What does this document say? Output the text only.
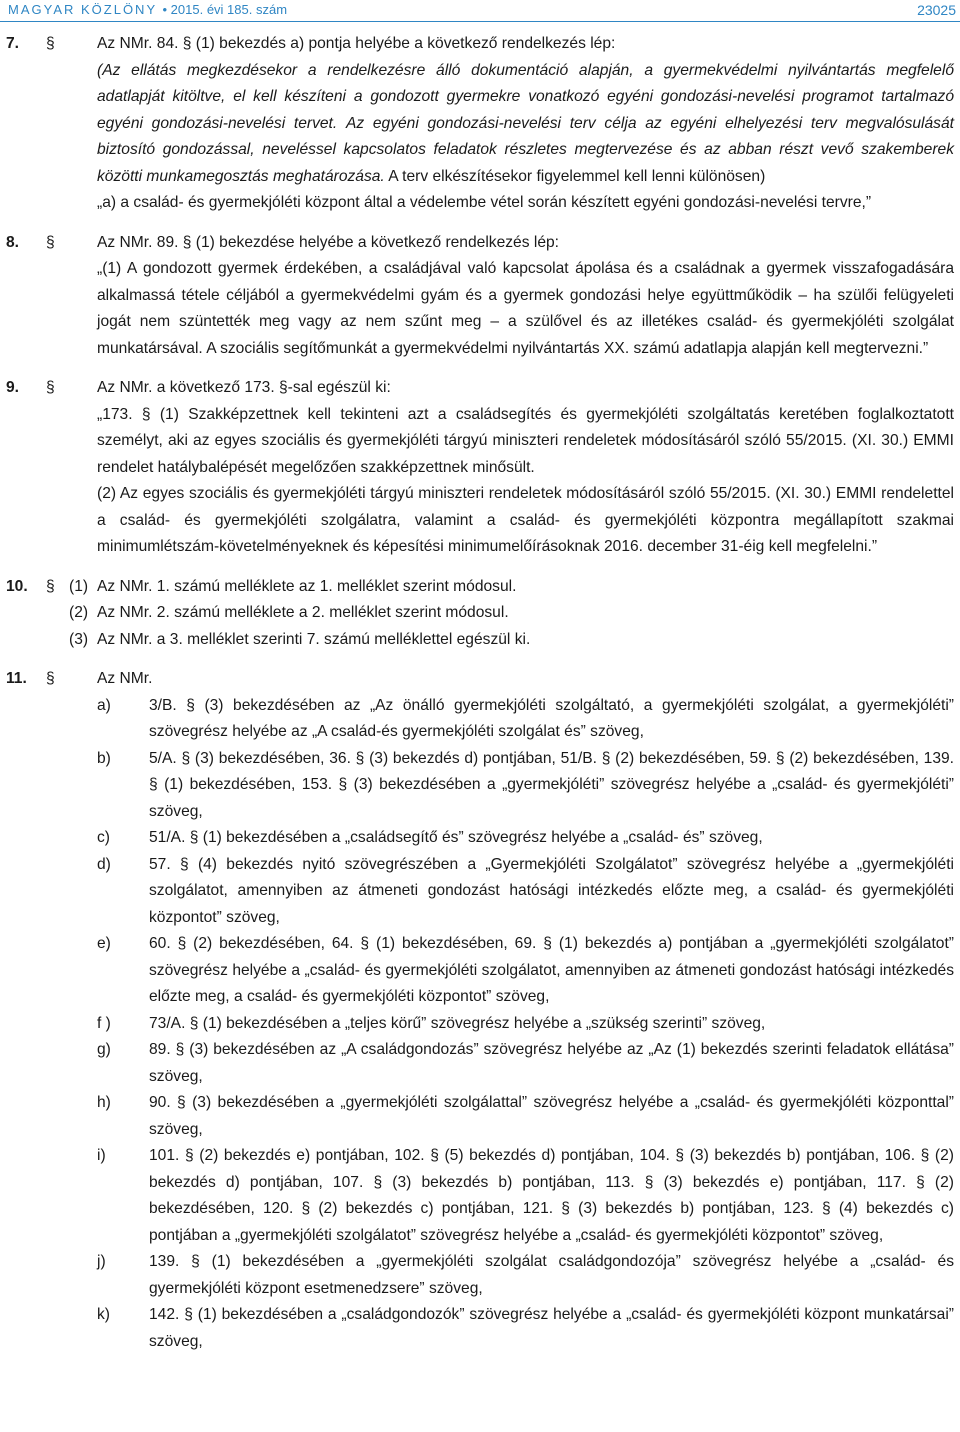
MAGYAR KÖZLÖNY • 2015. évi 185. szám	23025
7. §	Az NMr. 84. § (1) bekezdés a) pontja helyébe a következő rendelkezés lép:
(Az ellátás megkezdésekor a rendelkezésre álló dokumentáció alapján, a gyermekvédelmi nyilvántartás megfelelő adatlapját kitöltve, el kell készíteni a gondozott gyermekre vonatkozó egyéni gondozási-nevelési programot tartalmazó egyéni gondozási-nevelési tervet. Az egyéni gondozási-nevelési terv célja az egyéni elhelyezési terv megvalósulását biztosító gondozással, neveléssel kapcsolatos feladatok részletes megtervezése és az abban részt vevő szakemberek közötti munkamegosztás meghatározása. A terv elkészítésekor figyelemmel kell lenni különösen)
„a) a család- és gyermekjóléti központ által a védelembe vétel során készített egyéni gondozási-nevelési tervre,”
8. §	Az NMr. 89. § (1) bekezdése helyébe a következő rendelkezés lép:
„(1) A gondozott gyermek érdekében, a családjával való kapcsolat ápolása és a családnak a gyermek visszafogadására alkalmassá tétele céljából a gyermekvédelmi gyám és a gyermek gondozási helye együttműködik – ha szülői felügyeleti jogát nem szüntették meg vagy az nem szűnt meg – a szülővel és az illetékes család- és gyermekjóléti szolgálat munkatársával. A szociális segítőmunkát a gyermekvédelmi nyilvántartás XX. számú adatlapja alapján kell megtervezni.”
9. §	Az NMr. a következő 173. §-sal egészül ki:
„173. § (1) Szakképzettnek kell tekinteni azt a családsegítés és gyermekjóléti szolgáltatás keretében foglalkoztatott személyt, aki az egyes szociális és gyermekjóléti tárgyú miniszteri rendeletek módosításáról szóló 55/2015. (XI. 30.) EMMI rendelet hatálybalépését megelőzően szakképzettnek minősült.
(2) Az egyes szociális és gyermekjóléti tárgyú miniszteri rendeletek módosításáról szóló 55/2015. (XI. 30.) EMMI rendelettel a család- és gyermekjóléti szolgálatra, valamint a család- és gyermekjóléti központra megállapított szakmai minimumlétszám-követelményeknek és képesítési minimumelőírásoknak 2016. december 31-éig kell megfelelni.”
10. § (1) Az NMr. 1. számú melléklete az 1. melléklet szerint módosul.
(2) Az NMr. 2. számú melléklete a 2. melléklet szerint módosul.
(3) Az NMr. a 3. melléklet szerinti 7. számú melléklettel egészül ki.
11. §	Az NMr.
a) 3/B. § (3) bekezdésében az „Az önálló gyermekjóléti szolgáltató, a gyermekjóléti szolgálat, a gyermekjóléti” szövegrész helyébe az „A család-és gyermekjóléti szolgálat és” szöveg,
b) 5/A. § (3) bekezdésében, 36. § (3) bekezdés d) pontjában, 51/B. § (2) bekezdésében, 59. § (2) bekezdésében, 139. § (1) bekezdésében, 153. § (3) bekezdésében a „gyermekjóléti” szövegrész helyébe a „család- és gyermekjóléti” szöveg,
c)	51/A. § (1) bekezdésében a „családsegítő és” szövegrész helyébe a „család- és” szöveg,
d) 57. § (4) bekezdés nyitó szövegrészében a „Gyermekjóléti Szolgálatot” szövegrész helyébe a „gyermekjóléti szolgálatot, amennyiben az átmeneti gondozást hatósági intézkedés előzte meg, a család- és gyermekjóléti központot” szöveg,
e) 60. § (2) bekezdésében, 64. § (1) bekezdésében, 69. § (1) bekezdés a) pontjában a „gyermekjóléti szolgálatot” szövegrész helyébe a „család- és gyermekjóléti szolgálatot, amennyiben az átmeneti gondozást hatósági intézkedés előzte meg, a család- és gyermekjóléti központot” szöveg,
f ) 73/A. § (1) bekezdésében a „teljes körű” szövegrész helyébe a „szükség szerinti” szöveg,
g) 89. § (3) bekezdésében az „A családgondozás” szövegrész helyébe az „Az (1) bekezdés szerinti feladatok ellátása” szöveg,
h) 90. § (3) bekezdésében a „gyermekjóléti szolgálattal” szövegrész helyébe a „család- és gyermekjóléti központtal” szöveg,
i)	101. § (2) bekezdés e) pontjában, 102. § (5) bekezdés d) pontjában, 104. § (3) bekezdés b) pontjában, 106. § (2) bekezdés d) pontjában, 107. § (3) bekezdés b) pontjában, 113. § (3) bekezdés e) pontjában, 117. § (2) bekezdésében, 120. § (2) bekezdés c) pontjában, 121. § (3) bekezdés b) pontjában, 123. § (4) bekezdés c) pontjában a „gyermekjóléti szolgálatot” szövegrész helyébe a „család- és gyermekjóléti központot” szöveg,
j)	139. § (1) bekezdésében a „gyermekjóléti szolgálat családgondozója” szövegrész helyébe a „család- és gyermekjóléti központ esetmenedzsere” szöveg,
k)	142. § (1) bekezdésében a „családgondozók” szövegrész helyébe a „család- és gyermekjóléti központ munkatársai” szöveg,
